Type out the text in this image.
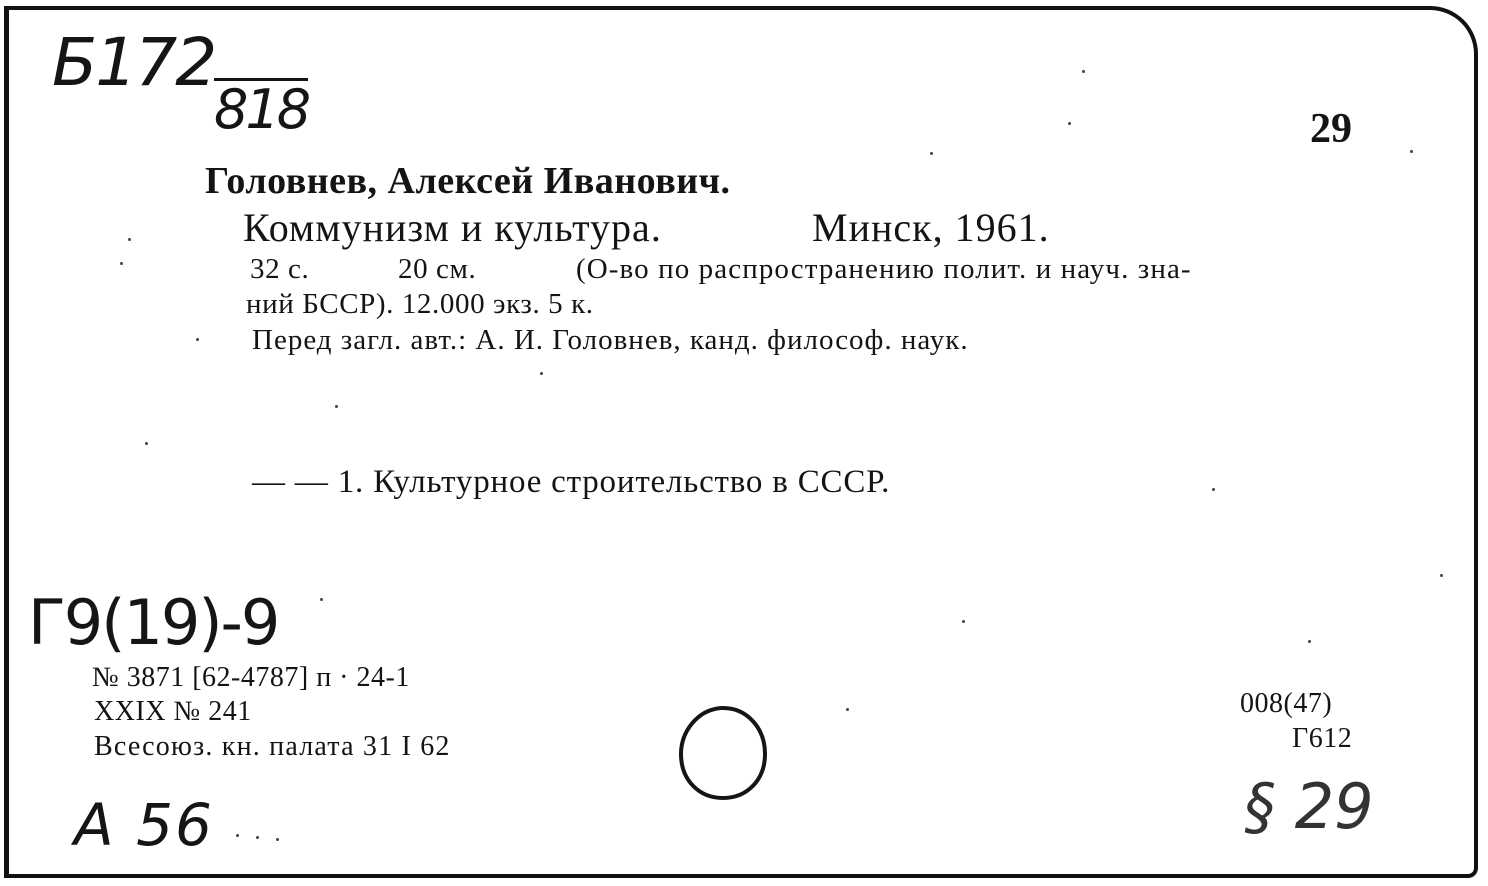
Б172
818	29
Головнев, Алексей Иванович.
Коммунизм и культура.	Минск, 1961.
32 с.	20 см.	(О-во по распространению полит. и науч. зна-
ний БССР). 12.000 экз. 5 к.
Перед загл. авт.: А. И. Головнев, канд. философ. наук.
— — 1. Культурное строительство в СССР.
Г9(19)-9
№ 3871 [62-4787] п · 24-1
XXIX № 241
Всесоюз. кн. палата 31 I 62
008(47)
Г612
А 56	§ 29
